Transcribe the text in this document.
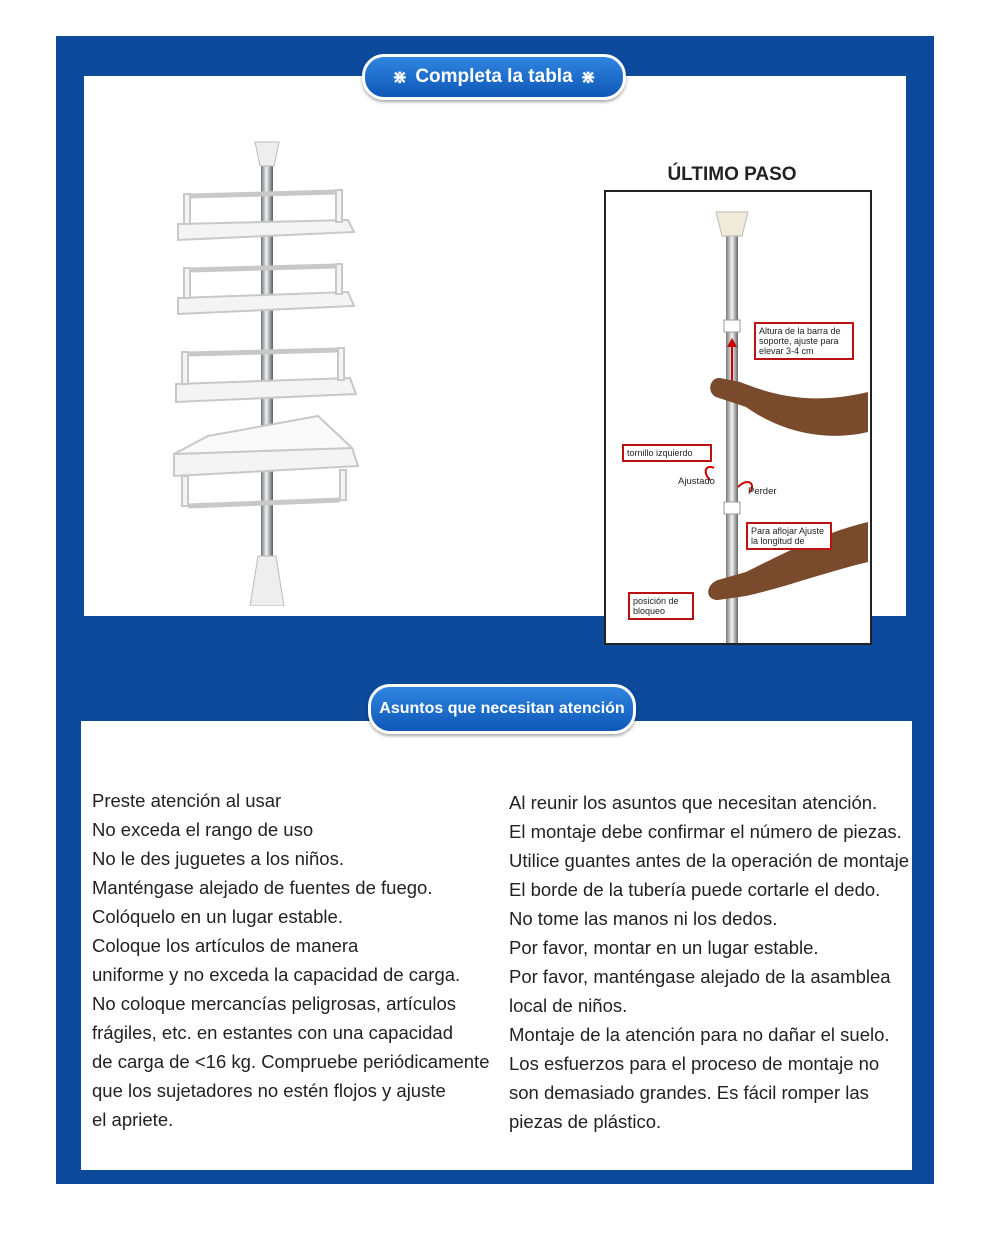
ÚLTIMO PASO
Altura de la barra de soporte, ajuste para elevar 3-4 cm
tornillo izquierdo
Ajustado
Perder
Para aflojar Ajuste la longitud de
posición de bloqueo
⋇ Completa la tabla ⋇
Asuntos que necesitan atención
Preste atención al usar
No exceda el rango de uso
No le des juguetes a los niños.
Manténgase alejado de fuentes de fuego.
Colóquelo en un lugar estable.
Coloque los artículos de manera
uniforme y no exceda la capacidad de carga.
No coloque mercancías peligrosas, artículos
frágiles, etc. en estantes con una capacidad
de carga de <16 kg. Compruebe periódicamente
que los sujetadores no estén flojos y ajuste
el apriete.
Al reunir los asuntos que necesitan atención.
El montaje debe confirmar el número de piezas.
Utilice guantes antes de la operación de montaje
El borde de la tubería puede cortarle el dedo.
No tome las manos ni los dedos.
Por favor, montar en un lugar estable.
Por favor, manténgase alejado de la asamblea
local de niños.
Montaje de la atención para no dañar el suelo.
Los esfuerzos para el proceso de montaje no
son demasiado grandes. Es fácil romper las
piezas de plástico.
